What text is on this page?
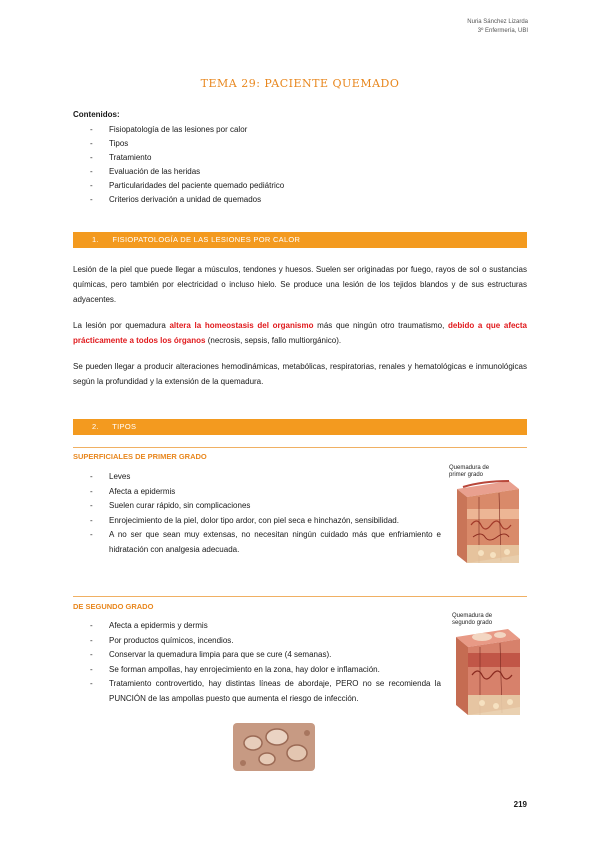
Nuria Sánchez Lizarda
3º Enfermería, UBI
TEMA 29: PACIENTE QUEMADO
Contenidos:
- Fisiopatología de las lesiones por calor
- Tipos
- Tratamiento
- Evaluación de las heridas
- Particularidades del paciente quemado pediátrico
- Criterios derivación a unidad de quemados
1. FISIOPATOLOGÍA DE LAS LESIONES POR CALOR
Lesión de la piel que puede llegar a músculos, tendones y huesos. Suelen ser originadas por fuego, rayos de sol o sustancias químicas, pero también por electricidad o incluso hielo. Se produce una lesión de los tejidos blandos y de sus estructuras adyacentes.
La lesión por quemadura altera la homeostasis del organismo más que ningún otro traumatismo, debido a que afecta prácticamente a todos los órganos (necrosis, sepsis, fallo multiorgánico).
Se pueden llegar a producir alteraciones hemodinámicas, metabólicas, respiratorias, renales y hematológicas e inmunológicas según la profundidad y la extensión de la quemadura.
2. TIPOS
SUPERFICIALES DE PRIMER GRADO
- Leves
- Afecta a epidermis
- Suelen curar rápido, sin complicaciones
- Enrojecimiento de la piel, dolor tipo ardor, con piel seca e hinchazón, sensibilidad.
- A no ser que sean muy extensas, no necesitan ningún cuidado más que enfriamiento e hidratación con analgesia adecuada.
Quemadura de
primer grado
DE SEGUNDO GRADO
- Afecta a epidermis y dermis
- Por productos químicos, incendios.
- Conservar la quemadura limpia para que se cure (4 semanas).
- Se forman ampollas, hay enrojecimiento en la zona, hay dolor e inflamación.
- Tratamiento controvertido, hay distintas líneas de abordaje, PERO no se recomienda la PUNCIÓN de las ampollas puesto que aumenta el riesgo de infección.
Quemadura de
segundo grado
219
